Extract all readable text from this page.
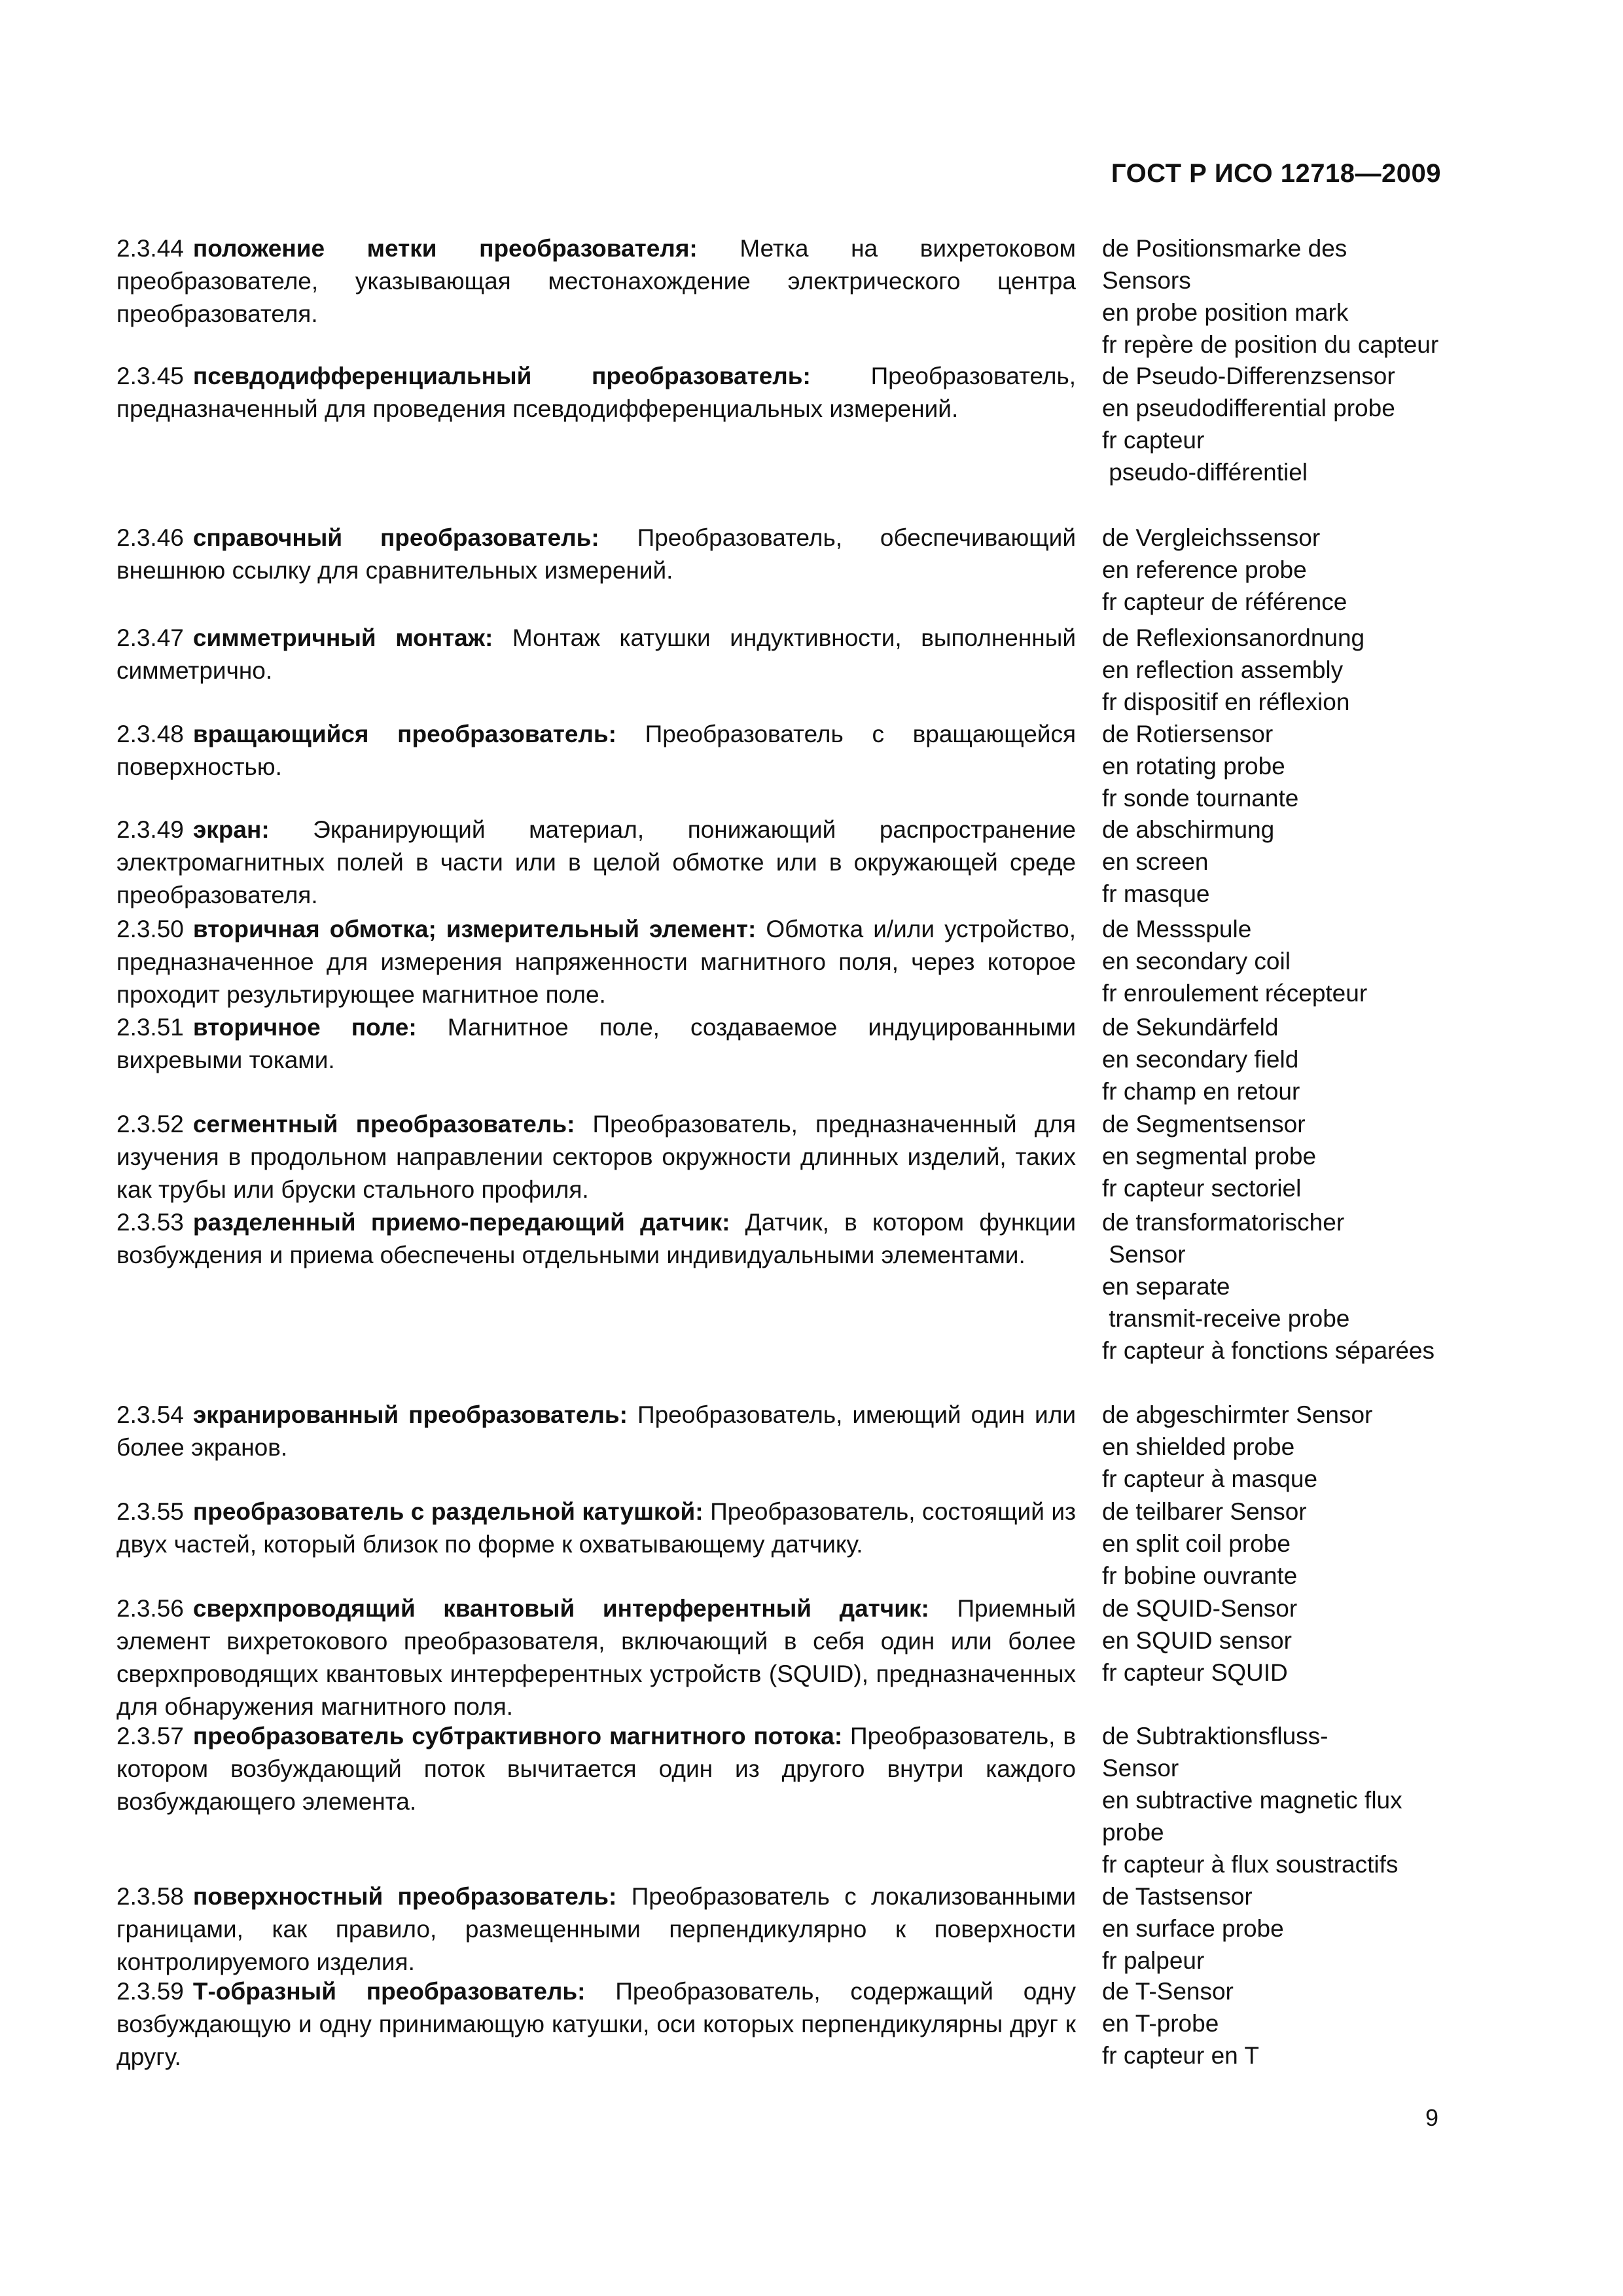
ГОСТ Р ИСО 12718—2009
2.3.44 положение метки преобразователя: Метка на вихретоковом преобразователе, указывающая местонахождение электрического центра преобразователя.
de Positionsmarke des Sensors
en probe position mark
fr repère de position du capteur
2.3.45 псевдодифференциальный преобразователь: Преобразователь, предназначенный для проведения псевдодифференциальных измерений.
de Pseudo-Differenzsensor
en pseudodifferential probe
fr capteur
pseudo-différentiel
2.3.46 справочный преобразователь: Преобразователь, обеспечивающий внешнюю ссылку для сравнительных измерений.
de Vergleichssensor
en reference probe
fr capteur de référence
2.3.47 симметричный монтаж: Монтаж катушки индуктивности, выполненный симметрично.
de Reflexionsanordnung
en reflection assembly
fr dispositif en réflexion
2.3.48 вращающийся преобразователь: Преобразователь с вращающейся поверхностью.
de Rotiersensor
en rotating probe
fr sonde tournante
2.3.49 экран: Экранирующий материал, понижающий распространение электромагнитных полей в части или в целой обмотке или в окружающей среде преобразователя.
de abschirmung
en screen
fr masque
2.3.50 вторичная обмотка; измерительный элемент: Обмотка и/или устройство, предназначенное для измерения напряженности магнитного поля, через которое проходит результирующее магнитное поле.
de Messspule
en secondary coil
fr enroulement récepteur
2.3.51 вторичное поле: Магнитное поле, создаваемое индуцированными вихревыми токами.
de Sekundärfeld
en secondary field
fr champ en retour
2.3.52 сегментный преобразователь: Преобразователь, предназначенный для изучения в продольном направлении секторов окружности длинных изделий, таких как трубы или бруски стального профиля.
de Segmentsensor
en segmental probe
fr capteur sectoriel
2.3.53 разделенный приемо-передающий датчик: Датчик, в котором функции возбуждения и приема обеспечены отдельными индивидуальными элементами.
de transformatorischer
Sensor
en separate
transmit-receive probe
fr capteur à fonctions séparées
2.3.54 экранированный преобразователь: Преобразователь, имеющий один или более экранов.
de abgeschirmter Sensor
en shielded probe
fr capteur à masque
2.3.55 преобразователь с раздельной катушкой: Преобразователь, состоящий из двух частей, который близок по форме к охватывающему датчику.
de teilbarer Sensor
en split coil probe
fr bobine ouvrante
2.3.56 сверхпроводящий квантовый интерферентный датчик: Приемный элемент вихретокового преобразователя, включающий в себя один или более сверхпроводящих квантовых интерферентных устройств (SQUID), предназначенных для обнаружения магнитного поля.
de SQUID-Sensor
en SQUID sensor
fr capteur SQUID
2.3.57 преобразователь субтрактивного магнитного потока: Преобразователь, в котором возбуждающий поток вычитается один из другого внутри каждого возбуждающего элемента.
de Subtraktionsfluss-
Sensor
en subtractive magnetic flux probe
fr capteur à flux soustractifs
2.3.58 поверхностный преобразователь: Преобразователь с локализованными границами, как правило, размещенными перпендикулярно к поверхности контролируемого изделия.
de Tastsensor
en surface probe
fr palpeur
2.3.59 Т-образный преобразователь: Преобразователь, содержащий одну возбуждающую и одну принимающую катушки, оси которых перпендикулярны друг к другу.
de T-Sensor
en T-probe
fr capteur en T
9
